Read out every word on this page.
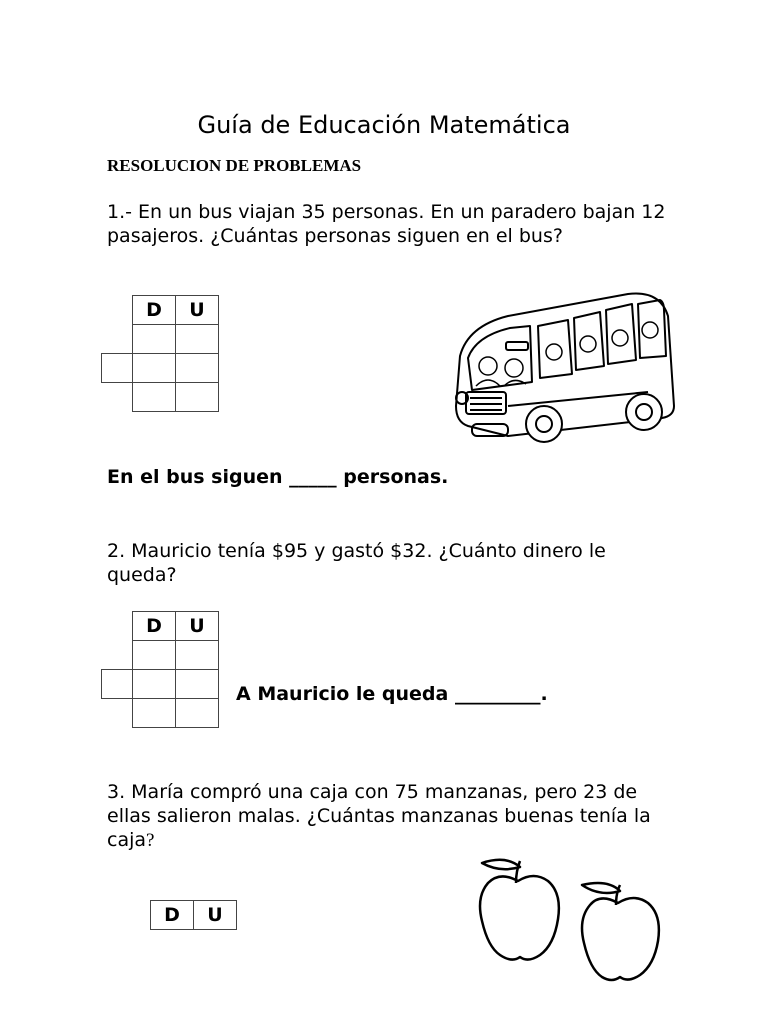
Guía de Educación Matemática
RESOLUCION DE PROBLEMAS
1.- En un bus viajan 35 personas. En un paradero bajan 12 pasajeros. ¿Cuántas personas siguen en el bus?
	D	U

En el bus siguen _____ personas.
2. Mauricio tenía $95 y gastó $32. ¿Cuánto dinero le queda?
	D	U

A Mauricio le queda _________.
3. María compró una caja con 75 manzanas, pero 23 de ellas salieron malas. ¿Cuántas manzanas buenas tenía la caja?
D	U
